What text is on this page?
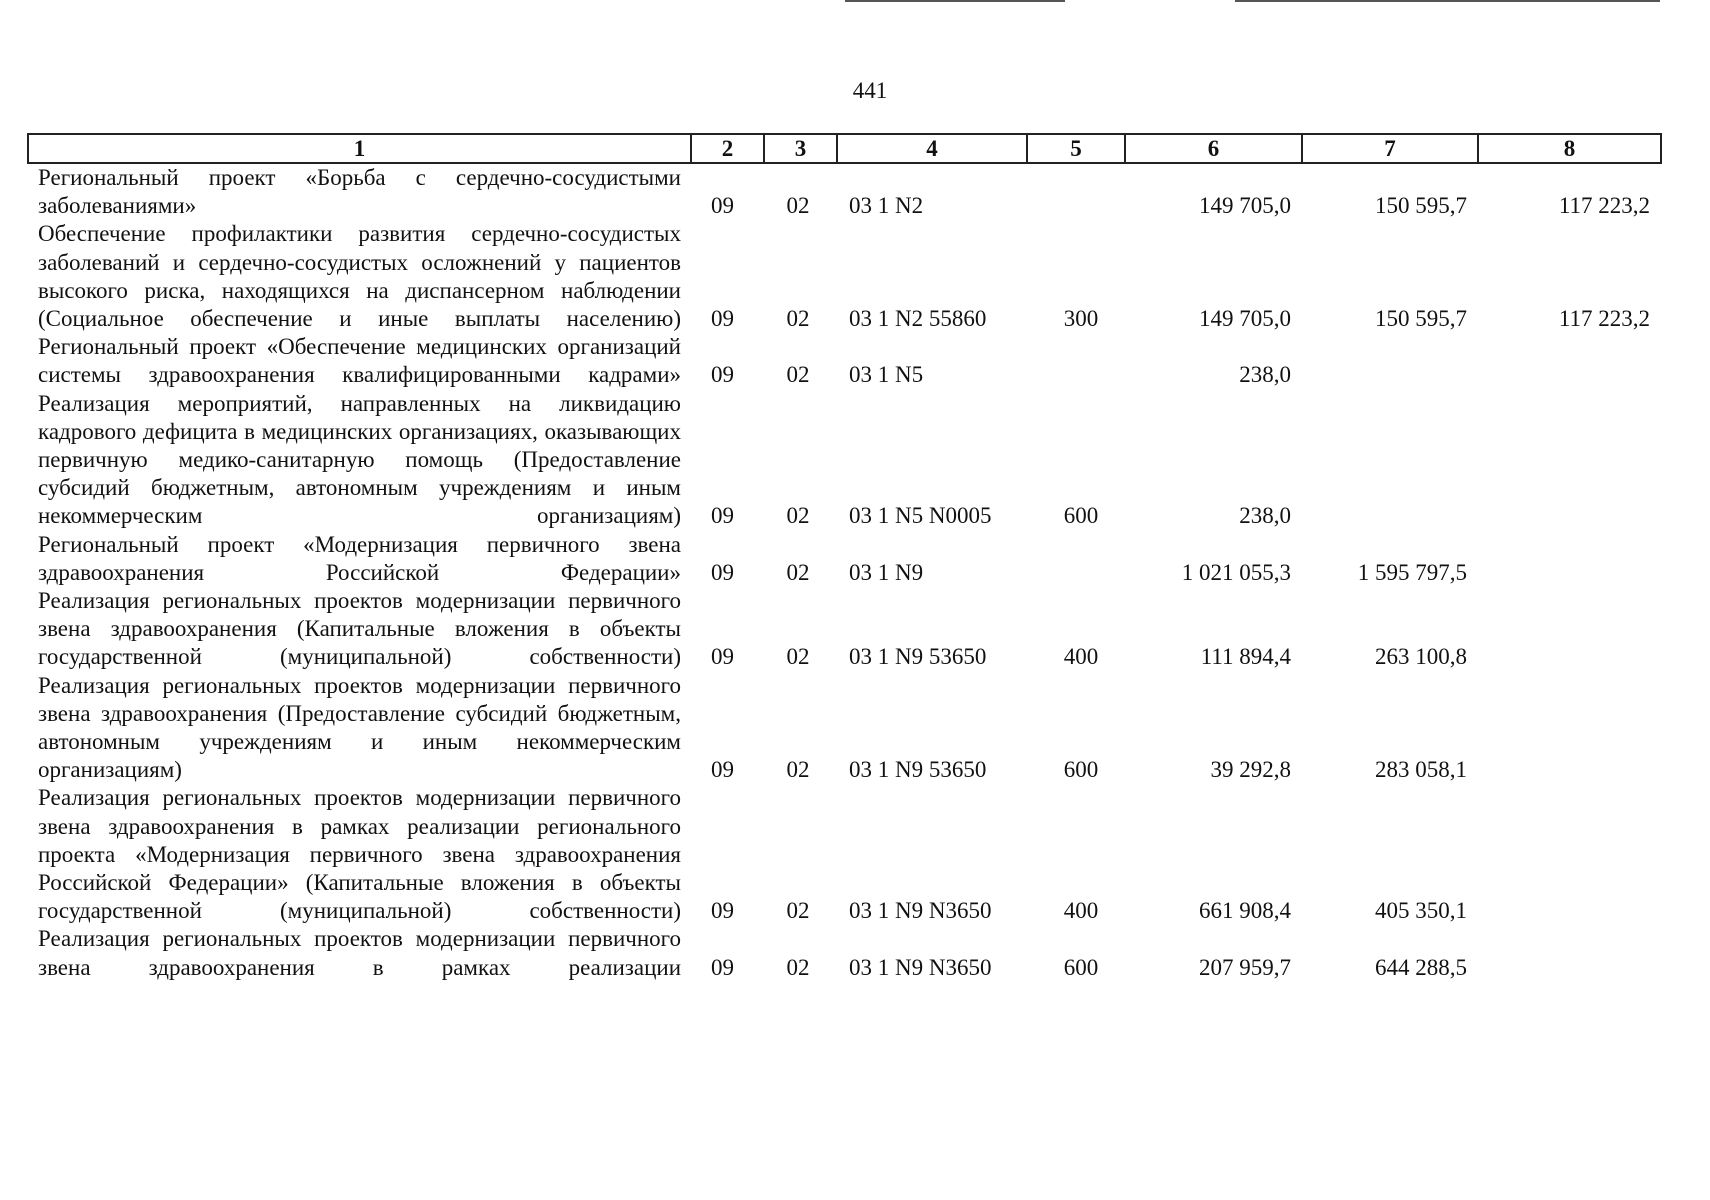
441
1	2	3	4	5	6	7	8
Региональный проект «Борьба с сердечно-сосудистыми заболеваниями»	09	02	03 1 N2		149 705,0	150 595,7	117 223,2
Обеспечение профилактики развития сердечно-сосудистых заболеваний и сердечно-сосудистых осложнений у пациентов высокого риска, находящихся на диспансерном наблюдении (Социальное обеспечение и иные выплаты населению)	09	02	03 1 N2 55860	300	149 705,0	150 595,7	117 223,2
Региональный проект «Обеспечение медицинских организаций системы здравоохранения квалифицированными кадрами»	09	02	03 1 N5		238,0		
Реализация мероприятий, направленных на ликвидацию кадрового дефицита в медицинских организациях, оказывающих первичную медико-санитарную помощь (Предоставление субсидий бюджетным, автономным учреждениям и иным некоммерческим организациям)	09	02	03 1 N5 N0005	600	238,0		
Региональный проект «Модернизация первичного звена здравоохранения Российской Федерации»	09	02	03 1 N9		1 021 055,3	1 595 797,5	
Реализация региональных проектов модернизации первичного звена здравоохранения (Капитальные вложения в объекты государственной (муниципальной) собственности)	09	02	03 1 N9 53650	400	111 894,4	263 100,8	
Реализация региональных проектов модернизации первичного звена здравоохранения (Предоставление субсидий бюджетным, автономным учреждениям и иным некоммерческим организациям)	09	02	03 1 N9 53650	600	39 292,8	283 058,1	
Реализация региональных проектов модернизации первичного звена здравоохранения в рамках реализации регионального проекта «Модернизация первичного звена здравоохранения Российской Федерации» (Капитальные вложения в объекты государственной (муниципальной) собственности)	09	02	03 1 N9 N3650	400	661 908,4	405 350,1	
Реализация региональных проектов модернизации первичного звена здравоохранения в рамках реализации	09	02	03 1 N9 N3650	600	207 959,7	644 288,5	
